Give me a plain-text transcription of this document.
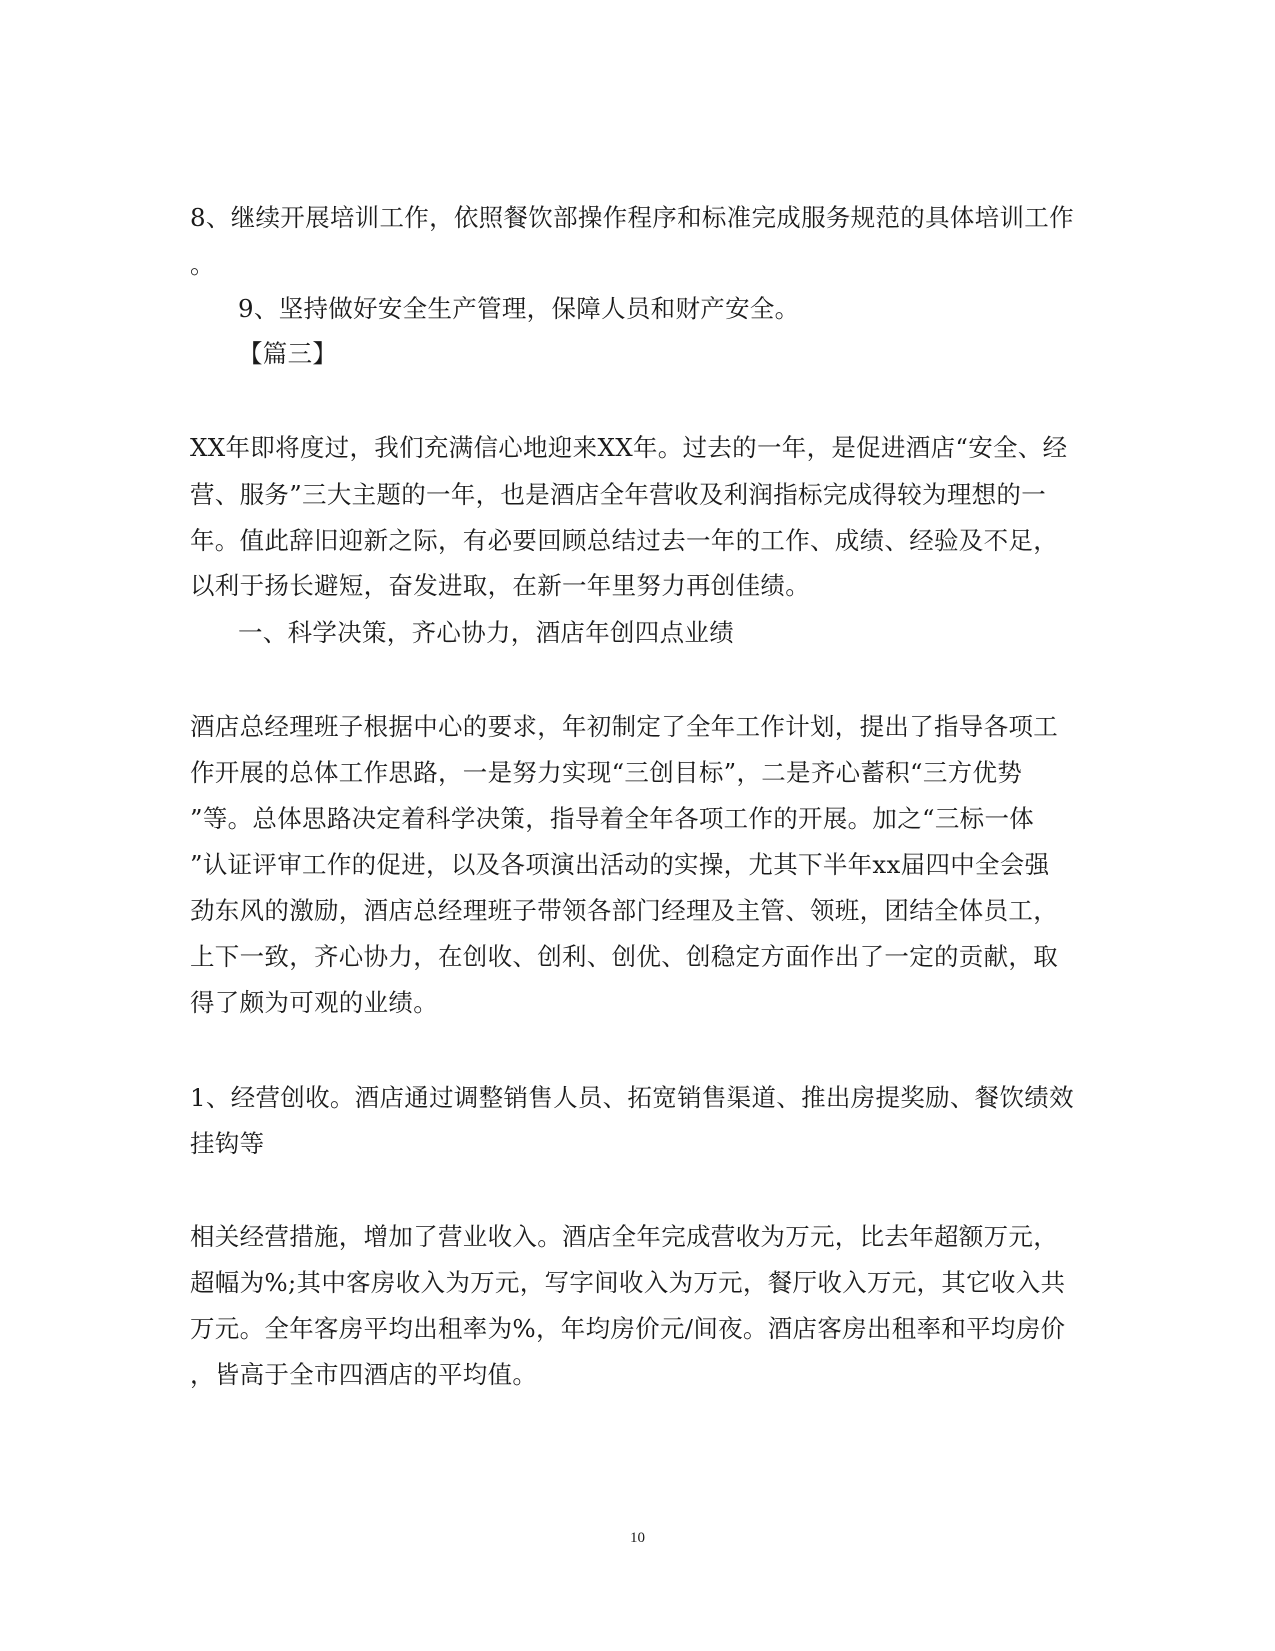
8、继续开展培训工作，依照餐饮部操作程序和标准完成服务规范的具体培训工作
。
9、坚持做好安全生产管理，保障人员和财产安全。
【篇三】
XX年即将度过，我们充满信心地迎来XX年。过去的一年，是促进酒店“安全、经
营、服务”三大主题的一年，也是酒店全年营收及利润指标完成得较为理想的一
年。值此辞旧迎新之际，有必要回顾总结过去一年的工作、成绩、经验及不足，
以利于扬长避短，奋发进取，在新一年里努力再创佳绩。
一、科学决策，齐心协力，酒店年创四点业绩
酒店总经理班子根据中心的要求，年初制定了全年工作计划，提出了指导各项工
作开展的总体工作思路，一是努力实现“三创目标”，二是齐心蓄积“三方优势
”等。总体思路决定着科学决策，指导着全年各项工作的开展。加之“三标一体
”认证评审工作的促进，以及各项演出活动的实操，尤其下半年xx届四中全会强
劲东风的激励，酒店总经理班子带领各部门经理及主管、领班，团结全体员工，
上下一致，齐心协力，在创收、创利、创优、创稳定方面作出了一定的贡献，取
得了颇为可观的业绩。
1、经营创收。酒店通过调整销售人员、拓宽销售渠道、推出房提奖励、餐饮绩效
挂钩等
相关经营措施，增加了营业收入。酒店全年完成营收为万元，比去年超额万元，
超幅为%;其中客房收入为万元，写字间收入为万元，餐厅收入万元，其它收入共
万元。全年客房平均出租率为%，年均房价元/间夜。酒店客房出租率和平均房价
，皆高于全市四酒店的平均值。
10
